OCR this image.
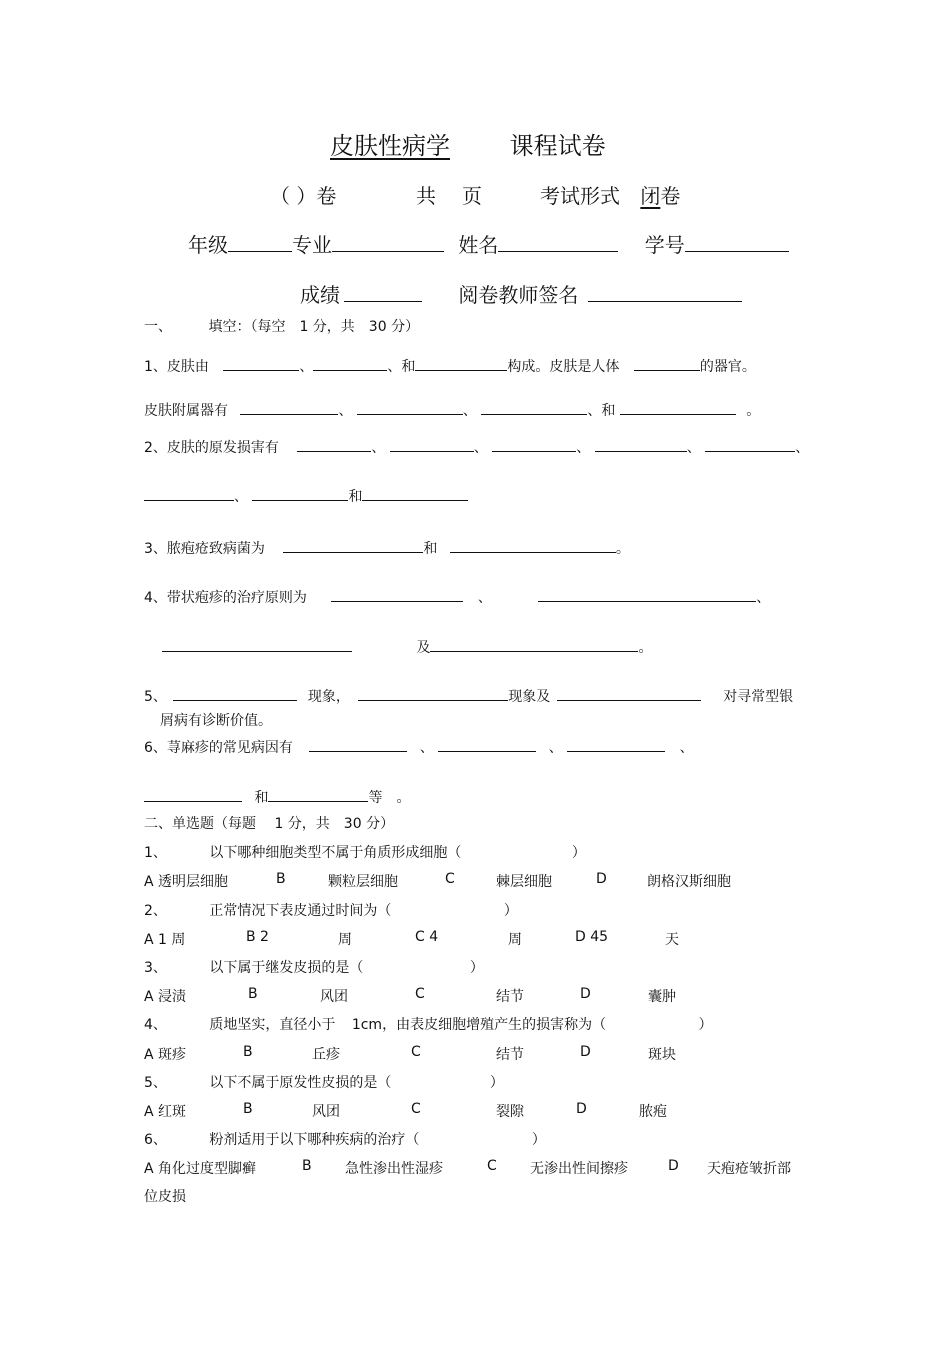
皮肤性病学 课程试卷
（ ）卷	共 页	考试形式 闭卷
年级	专业	姓名	学号
成绩	阅卷教师签名
一、	填空：（每空　1 分，共　30 分）
1、皮肤由	、	、和	构成。皮肤是人体	的器官。
皮肤附属器有	、	、	、和	。
2、皮肤的原发损害有	、	、	、	、	、
、	和
3、脓疱疮致病菌为	和	。
4、带状疱疹的治疗原则为	、	、
及	。
5、	现象，	现象及	对寻常型银
屑病有诊断价值。
6、荨麻疹的常见病因有	、	、	、
和	等　。
二、单选题（每题　 1 分，共　30 分）
1、	以下哪种细胞类型不属于角质形成细胞（	）
A 透明层细胞	B	颗粒层细胞	C	棘层细胞	D	朗格汉斯细胞
2、	正常情况下表皮通过时间为（	）
A 1 周	B 2	周	C 4	周	D 45	天
3、	以下属于继发皮损的是（	）
A 浸渍	B	风团	C	结节	D	囊肿
4、	质地坚实，直径小于 1cm，由表皮细胞增殖产生的损害称为（	）
A 斑疹	B	丘疹	C	结节	D	斑块
5、	以下不属于原发性皮损的是（	）
A 红斑	B	风团	C	裂隙	D	脓疱
6、	粉剂适用于以下哪种疾病的治疗（	）
A 角化过度型脚癣	B 急性渗出性湿疹	C 无渗出性间擦疹	D 天疱疮皱折部
位皮损
